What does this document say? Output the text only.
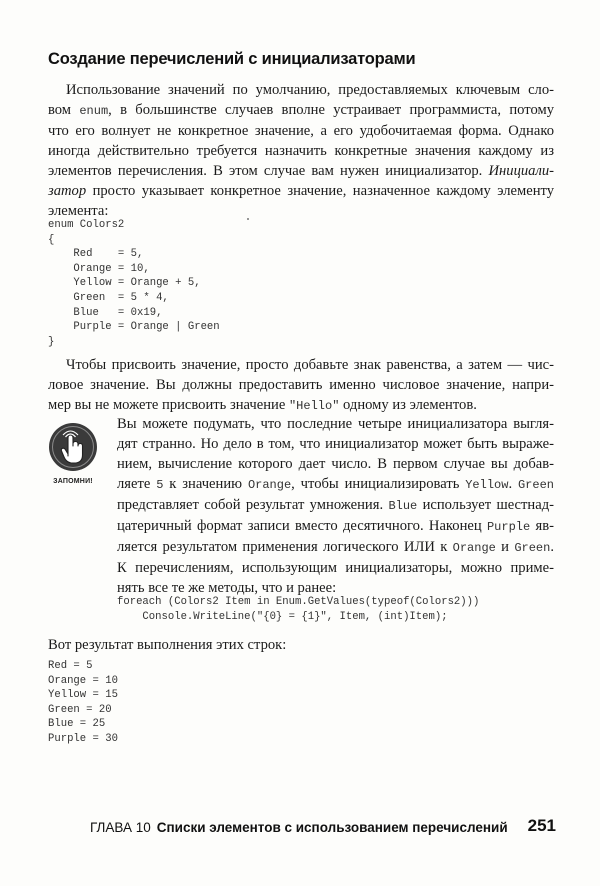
Создание перечислений с инициализаторами
Использование значений по умолчанию, предоставляемых ключевым сло-
вом enum, в большинстве случаев вполне устраивает программиста, потому
что его волнует не конкретное значение, а его удобочитаемая форма. Однако
иногда действительно требуется назначить конкретные значения каждому из
элементов перечисления. В этом случае вам нужен инициализатор. Инициали-
затор просто указывает конкретное значение, назначенное каждому элементу
элемента:
enum Colors2
{
Red    = 5,
Orange = 10,
Yellow = Orange + 5,
Green  = 5 * 4,
Blue   = 0x19,
Purple = Orange | Green
}
Чтобы присвоить значение, просто добавьте знак равенства, а затем — чис-
ловое значение. Вы должны предоставить именно числовое значение, напри-
мер вы не можете присвоить значение "Hello" одному из элементов.
ЗАПОМНИ!
Вы можете подумать, что последние четыре инициализатора выгля-
дят странно. Но дело в том, что инициализатор может быть выраже-
нием, вычисление которого дает число. В первом случае вы добав-
ляете 5 к значению Orange, чтобы инициализировать Yellow. Green
представляет собой результат умножения. Blue использует шестнад-
цатеричный формат записи вместо десятичного. Наконец Purple яв-
ляется результатом применения логического ИЛИ к Orange и Green.
К перечислениям, использующим инициализаторы, можно приме-
нять все те же методы, что и ранее:
foreach (Colors2 Item in Enum.GetValues(typeof(Colors2)))
Console.WriteLine("{0} = {1}", Item, (int)Item);
Вот результат выполнения этих строк:
Red = 5
Orange = 10
Yellow = 15
Green = 20
Blue = 25
Purple = 30
ГЛАВА 10 Списки элементов с использованием перечислений 251
